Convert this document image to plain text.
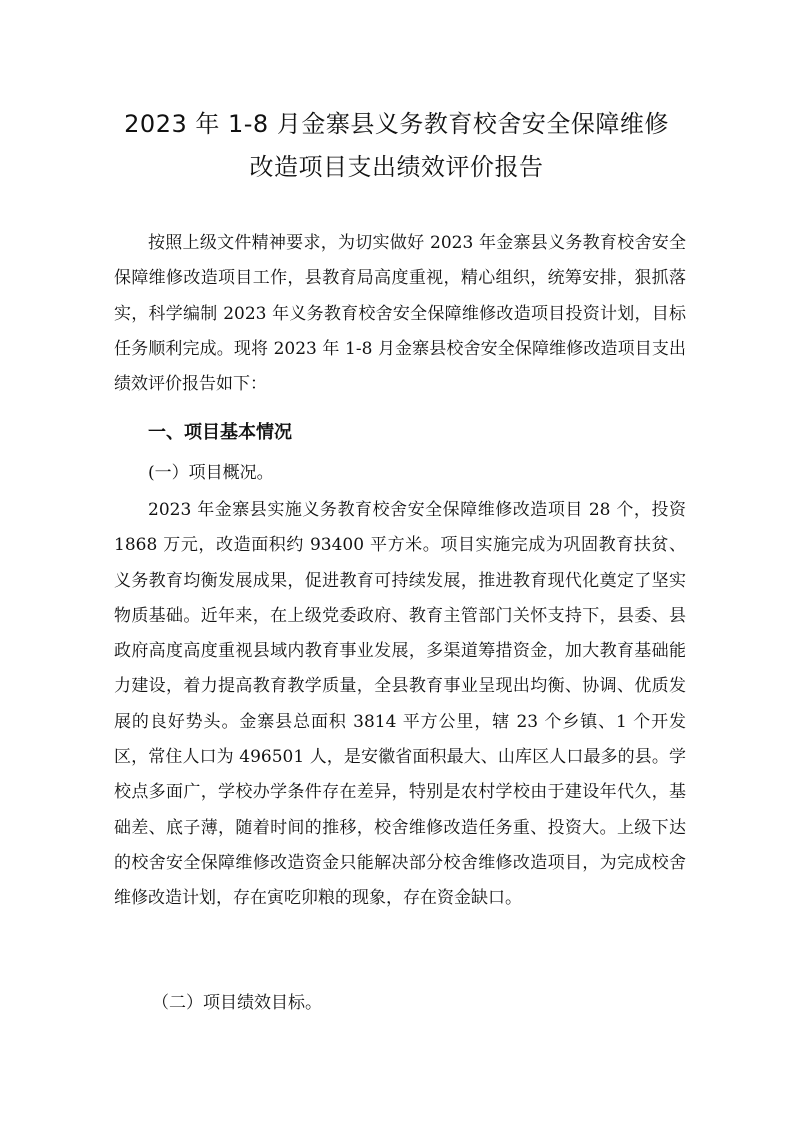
2023 年 1-8 月金寨县义务教育校舍安全保障维修
改造项目支出绩效评价报告

按照上级文件精神要求，为切实做好 2023 年金寨县义务教育校舍安全保障维修改造项目工作，县教育局高度重视，精心组织，统筹安排，狠抓落实，科学编制 2023 年义务教育校舍安全保障维修改造项目投资计划，目标任务顺利完成。现将 2023 年 1-8 月金寨县校舍安全保障维修改造项目支出绩效评价报告如下：

一、项目基本情况
(一）项目概况。

2023 年金寨县实施义务教育校舍安全保障维修改造项目 28 个，投资 1868 万元，改造面积约 93400 平方米。项目实施完成为巩固教育扶贫、义务教育均衡发展成果，促进教育可持续发展，推进教育现代化奠定了坚实物质基础。近年来，在上级党委政府、教育主管部门关怀支持下，县委、县政府高度高度重视县域内教育事业发展，多渠道筹措资金，加大教育基础能力建设，着力提高教育教学质量，全县教育事业呈现出均衡、协调、优质发展的良好势头。金寨县总面积 3814 平方公里，辖 23 个乡镇、1 个开发区，常住人口为 496501 人，是安徽省面积最大、山库区人口最多的县。学校点多面广，学校办学条件存在差异，特别是农村学校由于建设年代久，基础差、底子薄，随着时间的推移，校舍维修改造任务重、投资大。上级下达的校舍安全保障维修改造资金只能解决部分校舍维修改造项目，为完成校舍维修改造计划，存在寅吃卯粮的现象，存在资金缺口。

（二）项目绩效目标。
